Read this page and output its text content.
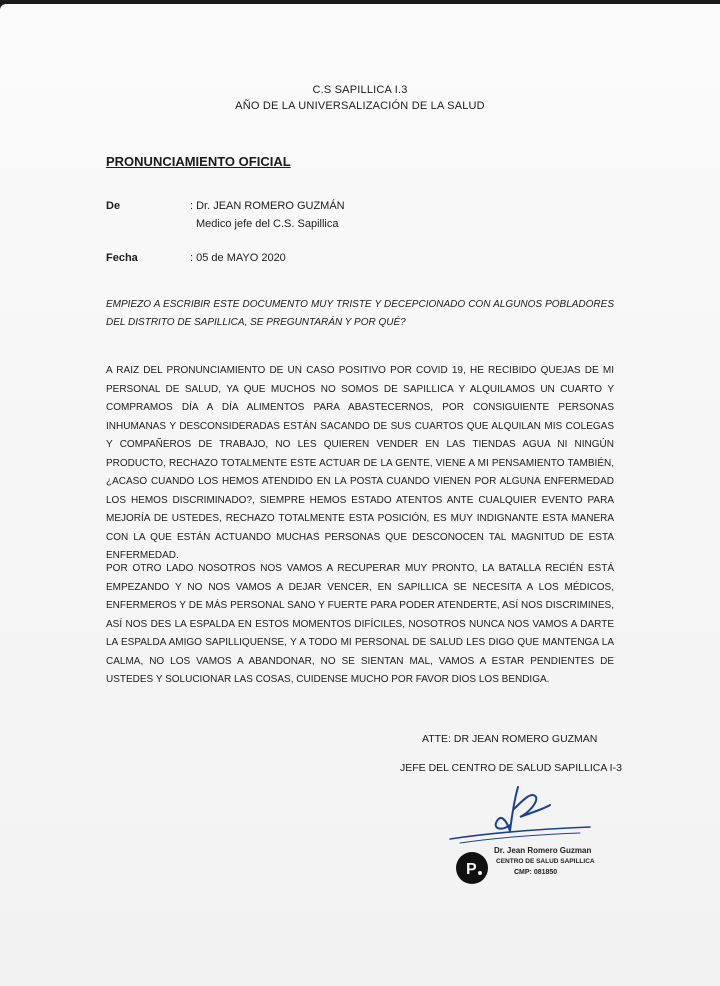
C.S SAPILLICA I.3
AÑO DE LA UNIVERSALIZACIÓN DE LA SALUD
PRONUNCIAMIENTO OFICIAL
De	: Dr. JEAN ROMERO GUZMÁN
Medico jefe del C.S. Sapillica
Fecha	: 05 de MAYO 2020
EMPIEZO A ESCRIBIR ESTE DOCUMENTO MUY TRISTE Y DECEPCIONADO CON ALGUNOS POBLADORES DEL DISTRITO DE SAPILLICA, SE PREGUNTARÁN Y POR QUÉ?
A RAIZ DEL PRONUNCIAMIENTO DE UN CASO POSITIVO POR COVID 19, HE RECIBIDO QUEJAS DE MI PERSONAL DE SALUD, YA QUE MUCHOS NO SOMOS DE SAPILLICA Y ALQUILAMOS UN CUARTO Y COMPRAMOS DÍA A DÍA ALIMENTOS PARA ABASTECERNOS, POR CONSIGUIENTE PERSONAS INHUMANAS Y DESCONSIDERADAS ESTÁN SACANDO DE SUS CUARTOS QUE ALQUILAN MIS COLEGAS Y COMPAÑEROS DE TRABAJO, NO LES QUIEREN VENDER EN LAS TIENDAS AGUA NI NINGÚN PRODUCTO, RECHAZO TOTALMENTE ESTE ACTUAR DE LA GENTE, VIENE A MI PENSAMIENTO TAMBIÉN, ¿ACASO CUANDO LOS HEMOS ATENDIDO EN LA POSTA CUANDO VIENEN POR ALGUNA ENFERMEDAD LOS HEMOS DISCRIMINADO?, SIEMPRE HEMOS ESTADO ATENTOS ANTE CUALQUIER EVENTO PARA MEJORÍA DE USTEDES, RECHAZO TOTALMENTE ESTA POSICIÓN, ES MUY INDIGNANTE ESTA MANERA CON LA QUE ESTÁN ACTUANDO MUCHAS PERSONAS QUE DESCONOCEN TAL MAGNITUD DE ESTA ENFERMEDAD.
POR OTRO LADO NOSOTROS NOS VAMOS A RECUPERAR MUY PRONTO, LA BATALLA RECIÉN ESTÁ EMPEZANDO Y NO NOS VAMOS A DEJAR VENCER, EN SAPILLICA SE NECESITA A LOS MÉDICOS, ENFERMEROS Y DE MÁS PERSONAL SANO Y FUERTE PARA PODER ATENDERTE, ASÍ NOS DISCRIMINES, ASÍ NOS DES LA ESPALDA EN ESTOS MOMENTOS DIFÍCILES, NOSOTROS NUNCA NOS VAMOS A DARTE LA ESPALDA AMIGO SAPILLIQUENSE, Y A TODO MI PERSONAL DE SALUD LES DIGO QUE MANTENGA LA CALMA, NO LOS VAMOS A ABANDONAR, NO SE SIENTAN MAL, VAMOS A ESTAR PENDIENTES DE USTEDES Y SOLUCIONAR LAS COSAS, CUIDENSE MUCHO POR FAVOR DIOS LOS BENDIGA.
ATTE: DR JEAN ROMERO GUZMAN
JEFE DEL CENTRO DE SALUD SAPILLICA I-3
P
Dr. Jean Romero Guzman
CENTRO DE SALUD SAPILLICA
CMP: 081850
